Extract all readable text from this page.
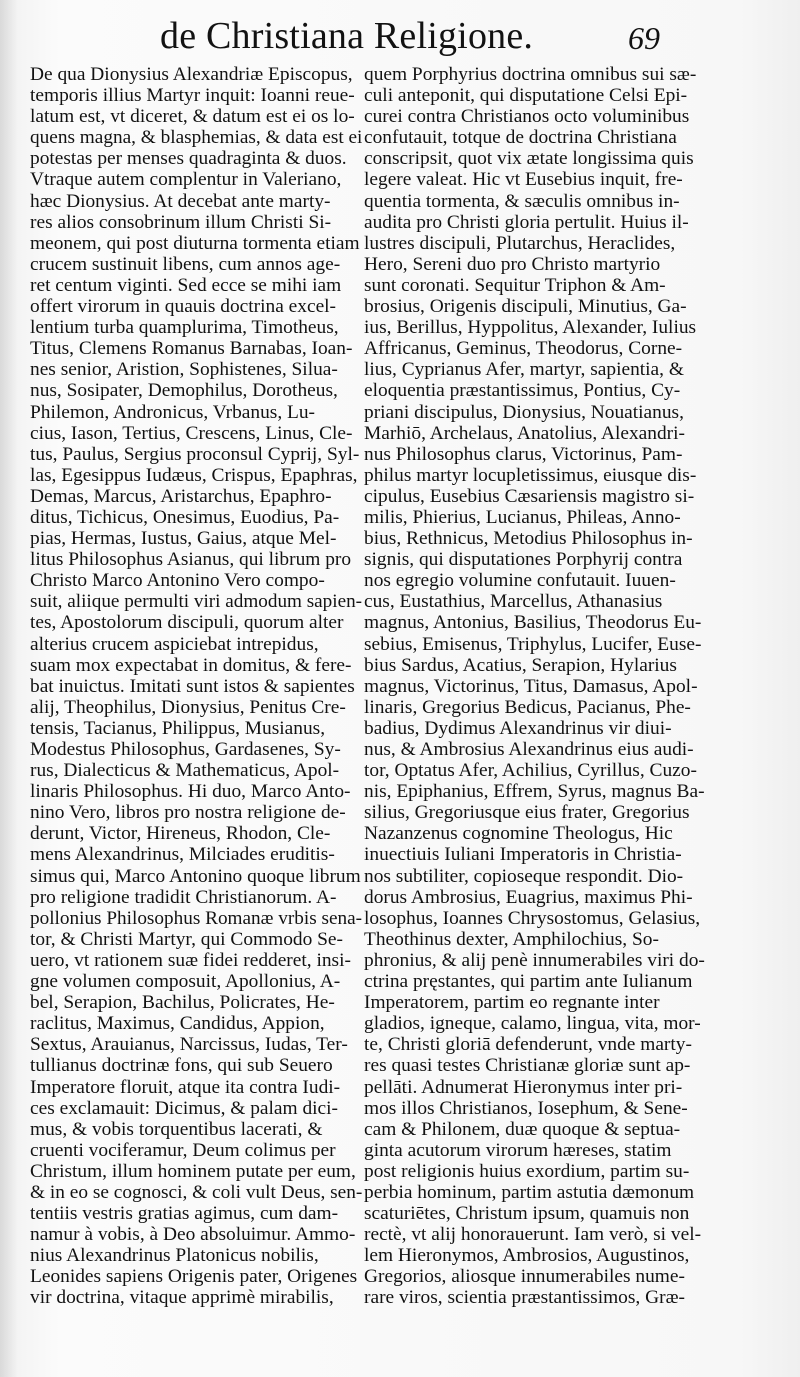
de Christiana Religione.	69
De qua Dionysius Alexandriæ Episcopus,
temporis illius Martyr inquit: Ioanni reue-
latum est, vt diceret, & datum est ei os lo-
quens magna, & blasphemias, & data est ei
potestas per menses quadraginta & duos.
Vtraque autem complentur in Valeriano,
hæc Dionysius. At decebat ante marty-
res alios consobrinum illum Christi Si-
meonem, qui post diuturna tormenta etiam
crucem sustinuit libens, cum annos age-
ret centum viginti. Sed ecce se mihi iam
offert virorum in quauis doctrina excel-
lentium turba quamplurima, Timotheus,
Titus, Clemens Romanus Barnabas, Ioan-
nes senior, Aristion, Sophistenes, Silua-
nus, Sosipater, Demophilus, Dorotheus,
Philemon, Andronicus, Vrbanus, Lu-
cius, Iason, Tertius, Crescens, Linus, Cle-
tus, Paulus, Sergius proconsul Cyprij, Syl-
las, Egesippus Iudæus, Crispus, Epaphras,
Demas, Marcus, Aristarchus, Epaphro-
ditus, Tichicus, Onesimus, Euodius, Pa-
pias, Hermas, Iustus, Gaius, atque Mel-
litus Philosophus Asianus, qui librum pro
Christo Marco Antonino Vero compo-
suit, aliique permulti viri admodum sapien-
tes, Apostolorum discipuli, quorum alter
alterius crucem aspiciebat intrepidus,
suam mox expectabat in domitus, & fere-
bat inuictus. Imitati sunt istos & sapientes
alij, Theophilus, Dionysius, Penitus Cre-
tensis, Tacianus, Philippus, Musianus,
Modestus Philosophus, Gardasenes, Sy-
rus, Dialecticus & Mathematicus, Apol-
linaris Philosophus. Hi duo, Marco Anto-
nino Vero, libros pro nostra religione de-
derunt, Victor, Hireneus, Rhodon, Cle-
mens Alexandrinus, Milciades eruditis-
simus qui, Marco Antonino quoque librum
pro religione tradidit Christianorum. A-
pollonius Philosophus Romanæ vrbis sena-
tor, & Christi Martyr, qui Commodo Se-
uero, vt rationem suæ fidei redderet, insi-
gne volumen composuit, Apollonius, A-
bel, Serapion, Bachilus, Policrates, He-
raclitus, Maximus, Candidus, Appion,
Sextus, Arauianus, Narcissus, Iudas, Ter-
tullianus doctrinæ fons, qui sub Seuero
Imperatore floruit, atque ita contra Iudi-
ces exclamauit: Dicimus, & palam dici-
mus, & vobis torquentibus lacerati, &
cruenti vociferamur, Deum colimus per
Christum, illum hominem putate per eum,
& in eo se cognosci, & coli vult Deus, sen-
tentiis vestris gratias agimus, cum dam-
namur à vobis, à Deo absoluimur. Ammo-
nius Alexandrinus Platonicus nobilis,
Leonides sapiens Origenis pater, Origenes
vir doctrina, vitaque apprimè mirabilis,
quem Porphyrius doctrina omnibus sui sæ-
culi anteponit, qui disputatione Celsi Epi-
curei contra Christianos octo voluminibus
confutauit, totque de doctrina Christiana
conscripsit, quot vix ætate longissima quis
legere valeat. Hic vt Eusebius inquit, fre-
quentia tormenta, & sæculis omnibus in-
audita pro Christi gloria pertulit. Huius il-
lustres discipuli, Plutarchus, Heraclides,
Hero, Sereni duo pro Christo martyrio
sunt coronati. Sequitur Triphon & Am-
brosius, Origenis discipuli, Minutius, Ga-
ius, Berillus, Hyppolitus, Alexander, Iulius
Affricanus, Geminus, Theodorus, Corne-
lius, Cyprianus Afer, martyr, sapientia, &
eloquentia præstantissimus, Pontius, Cy-
priani discipulus, Dionysius, Nouatianus,
Marhiō, Archelaus, Anatolius, Alexandri-
nus Philosophus clarus, Victorinus, Pam-
philus martyr locupletissimus, eiusque dis-
cipulus, Eusebius Cæsariensis magistro si-
milis, Phierius, Lucianus, Phileas, Anno-
bius, Rethnicus, Metodius Philosophus in-
signis, qui disputationes Porphyrij contra
nos egregio volumine confutauit. Iuuen-
cus, Eustathius, Marcellus, Athanasius
magnus, Antonius, Basilius, Theodorus Eu-
sebius, Emisenus, Triphylus, Lucifer, Euse-
bius Sardus, Acatius, Serapion, Hylarius
magnus, Victorinus, Titus, Damasus, Apol-
linaris, Gregorius Bedicus, Pacianus, Phe-
badius, Dydimus Alexandrinus vir diui-
nus, & Ambrosius Alexandrinus eius audi-
tor, Optatus Afer, Achilius, Cyrillus, Cuzo-
nis, Epiphanius, Effrem, Syrus, magnus Ba-
silius, Gregoriusque eius frater, Gregorius
Nazanzenus cognomine Theologus, Hic
inuectiuis Iuliani Imperatoris in Christia-
nos subtiliter, copioseque respondit. Dio-
dorus Ambrosius, Euagrius, maximus Phi-
losophus, Ioannes Chrysostomus, Gelasius,
Theothinus dexter, Amphilochius, So-
phronius, & alij penè innumerabiles viri do-
ctrina pręstantes, qui partim ante Iulianum
Imperatorem, partim eo regnante inter
gladios, igneque, calamo, lingua, vita, mor-
te, Christi gloriā defenderunt, vnde marty-
res quasi testes Christianæ gloriæ sunt ap-
pellāti. Adnumerat Hieronymus inter pri-
mos illos Christianos, Iosephum, & Sene-
cam & Philonem, duæ quoque & septua-
ginta acutorum virorum hæreses, statim
post religionis huius exordium, partim su-
perbia hominum, partim astutia dæmonum
scaturiētes, Christum ipsum, quamuis non
rectè, vt alij honorauerunt. Iam verò, si vel-
lem Hieronymos, Ambrosios, Augustinos,
Gregorios, aliosque innumerabiles nume-
rare viros, scientia præstantissimos, Græ-
